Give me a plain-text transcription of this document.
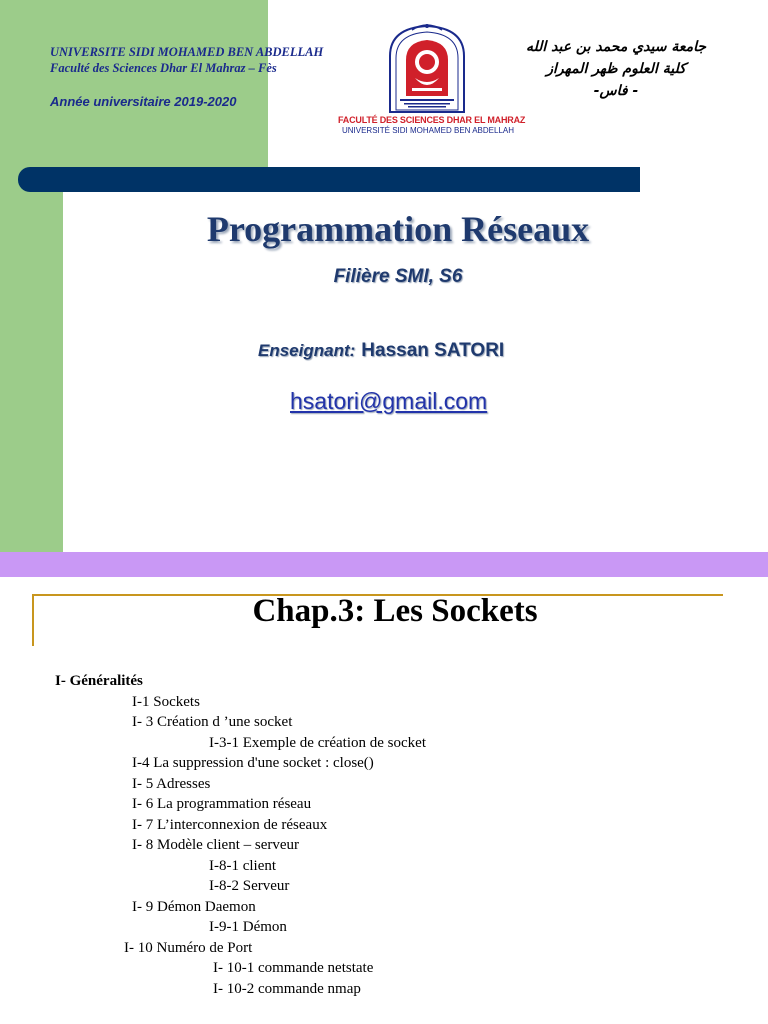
UNIVERSITE SIDI MOHAMED BEN ABDELLAH
Faculté des Sciences Dhar El Mahraz – Fès
Année universitaire 2019-2020
FACULTÉ DES SCIENCES DHAR EL MAHRAZ
UNIVERSITÉ SIDI MOHAMED BEN ABDELLAH
جامعة سيدي محمد بن عبد الله
كلية العلوم ظهر المهراز
- فاس-
Programmation Réseaux
Filière SMI, S6
Enseignant: Hassan SATORI
hsatori@gmail.com
Chap.3: Les Sockets
I- Généralités
I-1 Sockets
I- 3 Création d ’une socket
I-3-1 Exemple de création de socket
I-4 La suppression d'une socket : close()
I- 5 Adresses
I- 6 La programmation réseau
I- 7 L’interconnexion de réseaux
I- 8 Modèle client – serveur
I-8-1 client
I-8-2 Serveur
I- 9 Démon Daemon
I-9-1 Démon
I- 10 Numéro de Port
I- 10-1 commande netstate
I- 10-2 commande nmap
